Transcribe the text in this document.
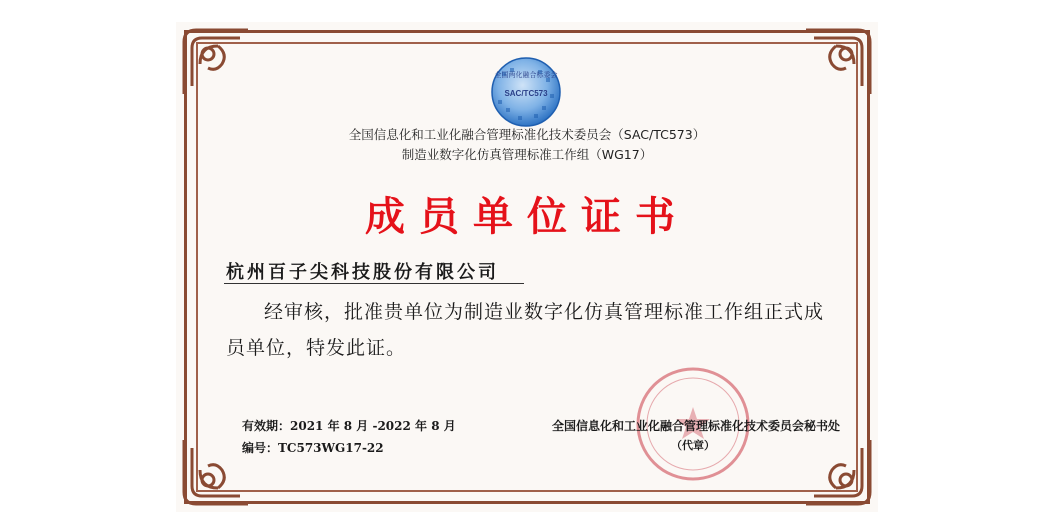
全国两化融合标委会
SAC/TC573
全国信息化和工业化融合管理标准化技术委员会（SAC/TC573）
制造业数字化仿真管理标准工作组（WG17）
成员单位证书
杭州百子尖科技股份有限公司
经审核，批准贵单位为制造业数字化仿真管理标准工作组正式成员单位，特发此证。
有效期：2021 年 8 月 -2022 年 8 月
编号：TC573WG17-22
全国信息化和工业化融合管理标准化技术委员会秘书处
（代章）
